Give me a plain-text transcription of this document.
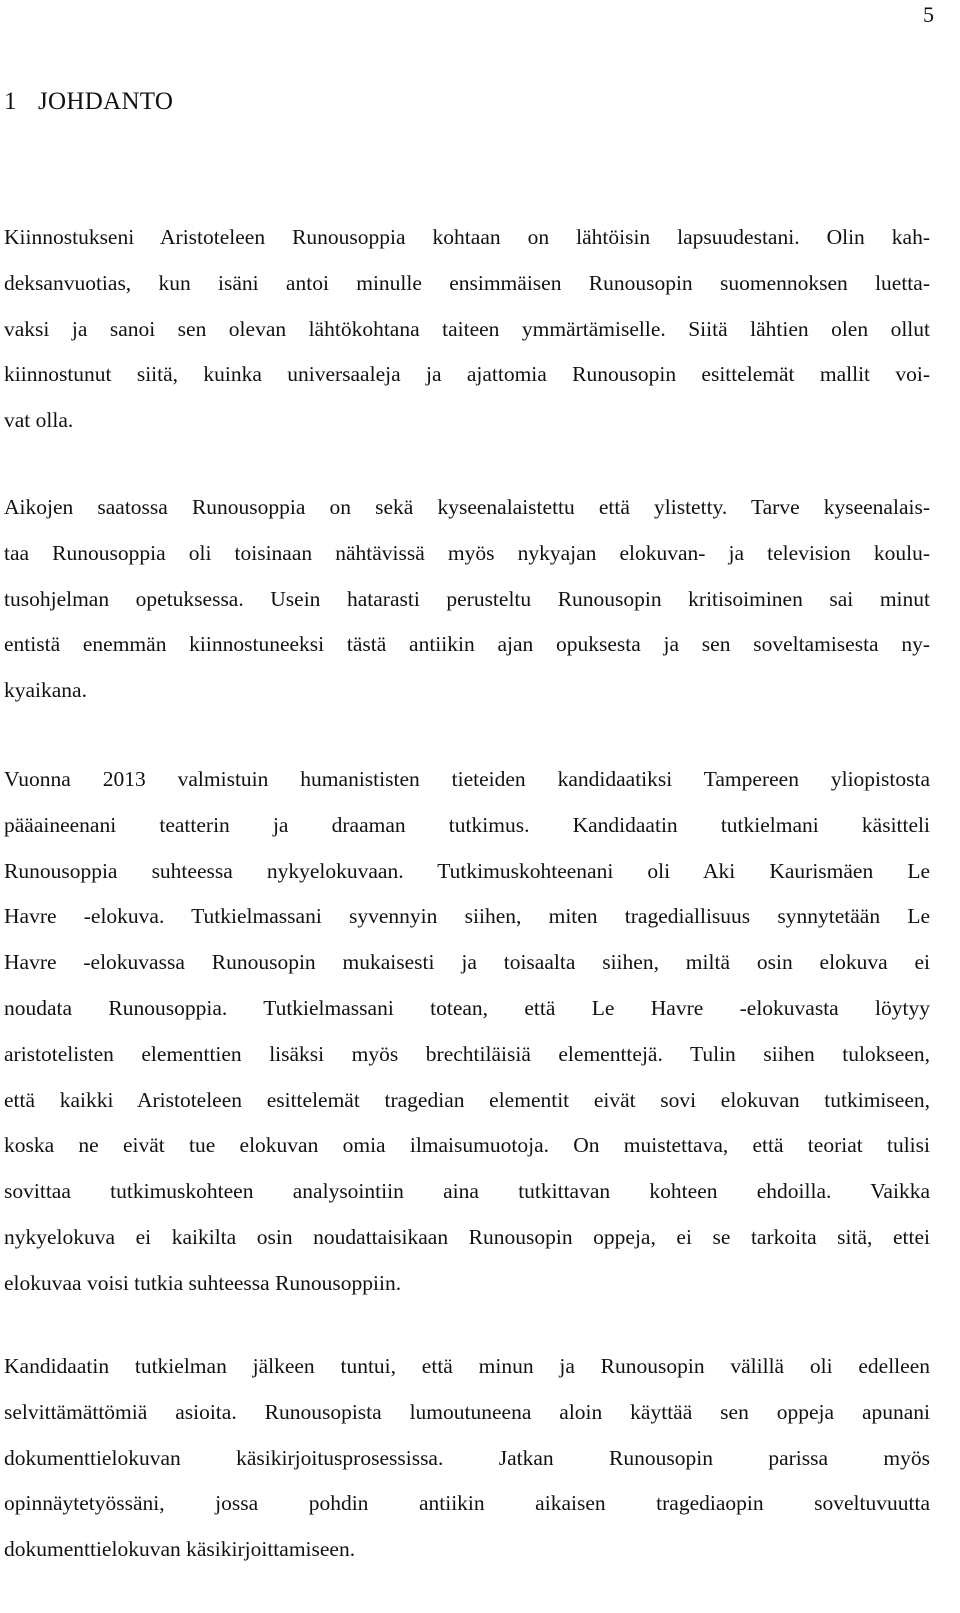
5
1 JOHDANTO

Kiinnostukseni Aristoteleen Runousoppia kohtaan on lähtöisin lapsuudestani. Olin kah-
deksanvuotias, kun isäni antoi minulle ensimmäisen Runousopin suomennoksen luetta-
vaksi ja sanoi sen olevan lähtökohtana taiteen ymmärtämiselle. Siitä lähtien olen ollut
kiinnostunut siitä, kuinka universaaleja ja ajattomia Runousopin esittelemät mallit voi-
vat olla.

Aikojen saatossa Runousoppia on sekä kyseenalaistettu että ylistetty. Tarve kyseenalais-
taa Runousoppia oli toisinaan nähtävissä myös nykyajan elokuvan- ja television koulu-
tusohjelman opetuksessa. Usein hatarasti perusteltu Runousopin kritisoiminen sai minut
entistä enemmän kiinnostuneeksi tästä antiikin ajan opuksesta ja sen soveltamisesta ny-
kyaikana.

Vuonna 2013 valmistuin humanististen tieteiden kandidaatiksi Tampereen yliopistosta
pääaineenani teatterin ja draaman tutkimus. Kandidaatin tutkielmani käsitteli
Runousoppia suhteessa nykyelokuvaan. Tutkimuskohteenani oli Aki Kaurismäen Le
Havre -elokuva. Tutkielmassani syvennyin siihen, miten tragediallisuus synnytetään Le
Havre -elokuvassa Runousopin mukaisesti ja toisaalta siihen, miltä osin elokuva ei
noudata Runousoppia. Tutkielmassani totean, että Le Havre -elokuvasta löytyy
aristotelisten elementtien lisäksi myös brechtiläisiä elementtejä. Tulin siihen tulokseen,
että kaikki Aristoteleen esittelemät tragedian elementit eivät sovi elokuvan tutkimiseen,
koska ne eivät tue elokuvan omia ilmaisumuotoja. On muistettava, että teoriat tulisi
sovittaa tutkimuskohteen analysointiin aina tutkittavan kohteen ehdoilla. Vaikka
nykyelokuva ei kaikilta osin noudattaisikaan Runousopin oppeja, ei se tarkoita sitä, ettei
elokuvaa voisi tutkia suhteessa Runousoppiin.

Kandidaatin tutkielman jälkeen tuntui, että minun ja Runousopin välillä oli edelleen
selvittämättömiä asioita. Runousopista lumoutuneena aloin käyttää sen oppeja apunani
dokumenttielokuvan käsikirjoitusprosessissa. Jatkan Runousopin parissa myös
opinnäytetyössäni, jossa pohdin antiikin aikaisen tragediaopin soveltuvuutta
dokumenttielokuvan käsikirjoittamiseen.
